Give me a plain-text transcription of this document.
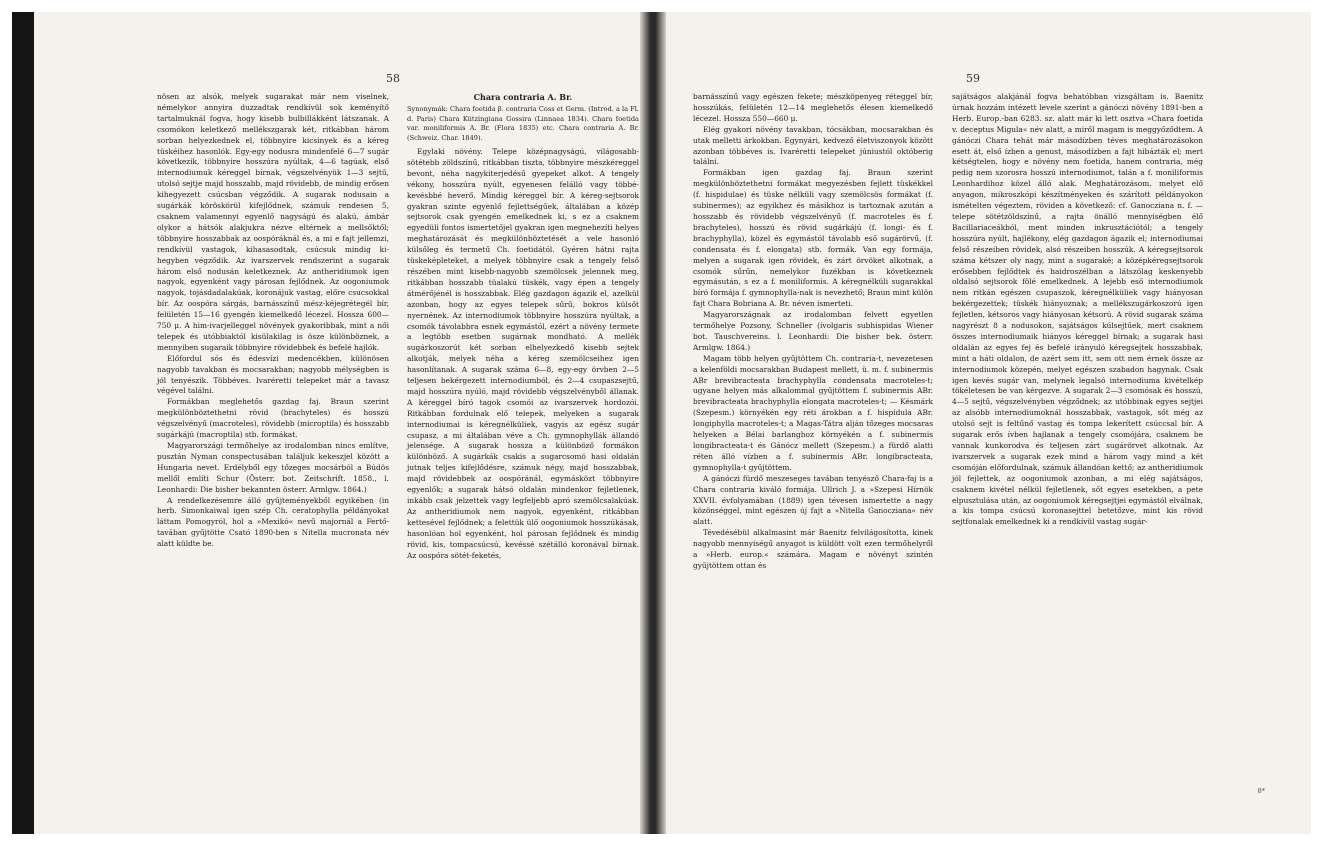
58

nösen az alsók, melyek sugarakat már nem viselnek, némelykor annyira duzzadtak rendkívül sok keményítő tartalmuknál fogva, hogy kisebb bulbillákként látszanak. A csomókon keletkező mellékszgarak két, ritkábban három sorban helyezkednek el, többnyire kicsinyek és a kéreg tüskéihez hasonlók. Egy-egy nodusra mindenfelé 6—7 sugár következik, többnyire hosszúra nyúltak, 4—6 tagúak, első internodiumuk kéreggel bírnak, végszelvényük 1—3 sejtű, utolsó sejtje majd hosszabb, majd rövidebb, de mindig erősen kihegyezett csúcsban végződik. A sugarak nodusain a sugárkák köröskörül kifejlődnek, számuk rendesen 5, csaknem valamennyi egyenlő nagyságú és alakú, ámbár olykor a hátsók alakjukra nézve eltérnek a mellsőktől; többnyire hosszabbak az oospóráknál és, a mi e fajt jellemzi, rendkívül vastagok, kihasasodtak, csúcsuk mindig ki- hegyben végződik. Az ivarszervek rendszerint a sugarak három első nodusán keletkeznek. Az antheridiumok igen nagyok, egyenként vagy párosan fejlődnek. Az oogoniumok nagyok, tojásdadalakúak, koronájuk vastag, előre csucsokkal bír. Az oospóra sárgás, barnásszínű mész-kéjegrétegél bír, felületén 15—16 gyengén kiemelkedő lécezel. Hossza 600—750 μ. A him-ivarjelleggel növények gyakoribbak, mint a női telepek és utóbbiaktól kisülakilag is ösze különböznek, a mennyiben sugaraik többnyire rövidebbek és befelé hajlók.

Előfordul sós és édesvízi medencékben, különösen nagyobb tavakban és mocsarakban; nagyobb mélységben is jól tenyészik. Többéves. Ivaréretti telepeket már a tavasz végével találni.

Formákban meglehetős gazdag faj. Braun szerint megkülönböztethetni rövid (brachyteles) és hosszú végszelvényű (macroteles), rövidebb (microptila) és hosszabb sugárkájú (macroptila) stb. formákat.

Magyarországi termőhelye az irodalomban nincs említve, pusztán Nyman conspectusában találjuk kekeszjel között a Hungaria nevet. Erdélyből egy tőzeges mocsárból a Búdös mellől említi Schur (Österr. bot. Zeitschrift. 1858., l. Leonhardi: Die bisher bekannten österr. Armlgw. 1864.)

A rendelkezésemre álló gyűjteményekből egyikében (in herb. Simonkaiwal igen szép Ch. ceratophylla példányokat láttam Pomogyról, hol a »Mexikó« nevű majornál a Fertő-tavában gyűjtötte Csató 1890-ben s Nitella mucronata név alatt küldte be.

Chara contraria A. Br.

Synonymák: Chara foetida β. contraria Coss et Germ. (Introd. a la Fl. d. Paris) Chara Kützingiana Gossira (Linnaea 1834). Chara foetida var. moniliformis A. Br. (Flora 1835) etc. Chara contraria A. Br. (Schweiz. Char. 1849).

Egylaki növény. Telepe középnagyságú, világosabb-sötétebb zöldszínű, ritkábban tiszta, többnyire mészkéreggel bevont, néha nagykiterjedésű gyepeket alkot. A tengely vékony, hosszúra nyúlt, egyenesen felálló vagy többé-kevésbbé heverő. Mindig kéreggel bír. A kéreg-sejtsorok gyakran szinte egyenlő fejlettségűek, általában a közép sejtsorok csak gyengén emelkednek ki, s ez a csaknem egyedüli fontos ismertetőjel gyakran igen megnehezíti helyes meghatározását és megkülönböztetését a vele hasonló külsőleg és termetű Ch. foetidától. Gyéren hátni rajta tüskeképleteket, a melyek többnyire csak a tengely felső részében mint kisebb-nagyobb szemölcsek jelennek meg, ritkábban hosszabb tüalakú tüskék, vagy épen a tengely átmérőjénél is hosszabbak. Elég gazdagon ágazik el, azelkül azonban, hogy az egyes telepek sűrű, bokros külsőt nyernének. Az internodiumok többnyire hosszúra nyúltak, a csomók távolabbra esnek egymástól, ezért a növény termete a legtöbb esetben sugárnak mondható. A mellék sugárkoszorút két sorban elhelyezkedő kisebb sejtek alkotják, melyek néha a kéreg szemölcseihez igen hasonlítanak. A sugarak száma 6—8, egy-egy örvben 2—5 teljesen bekérgezett internodiumból, és 2—4 csupaszsejtű, majd hosszúra nyúló, majd rövidebb végszelvényből állanak. A kéreggel bíró tagok csomói az ivarszervek hordozói. Ritkábban fordulnak elő telepek, melyeken a sugarak internodiumai is kéregnélküliek, vagyis az egész sugár csupasz, a mi általában véve a Ch. gymnophyllák állandó jelensége. A sugarak hossza a különböző formákon különböző. A sugárkák csakis a sugarcsomó hasi oldalán jutnak teljes kifejlődésre, számuk négy, majd hosszabbak, majd rövidebbek az oospóránál, egymásközt többnyire egyenlők; a sugarak hátsó oldalán mindenkor fejletlenek, inkább csak jelzettek vagy legfeljebb apró szemölcsalakúak. Az antheridiumok nem nagyok, egyenként, ritkábban kettesével fejlődnek; a felettük ülő oogoniumok hosszúkásak, hasonlóan hol egyenként, hol párosan fejlődnek és mindig rövid, kis, tompacsúcsú, kevéssé szétálló koronával bírnak. Az oospóra sötét-feketés,

59

barnásszínű vagy egészen fekete; mészköpenyeg réteggel bír, hosszúkás, felületén 12—14 meglehetős élesen kiemelkedő lécezel. Hossza 550—660 μ.

Elég gyakori növény tavakban, tócsákban, mocsarakban és utak melletti árkokban. Egynyári, kedvező életviszonyok között azonban többéves is. Ivaréretti telepeket júniustól októberig találni.

Formákban igen gazdag faj. Braun szerint megkülönböztethetni formákat megyezésben fejlett tüskékkel (f. hispidulae) és tüske nélküli vagy szemölcsös formákat (f. subinermes); az egyikhez és másikhoz is tartoznak azután a hosszabb és rövidebb végszelvényű (f. macroteles és f. brachyteles), hosszú és rövid sugárkájú (f. longi- és f. brachyphylla), közel és egymástól távolabb eső sugárörvű, (f. condensata és f. elongata) stb. formák. Van egy formája, melyen a sugarak igen rövidek, és zárt örvöket alkotnak, a csomók sűrűn, nemelykor fuzékban is következnek egymásután, s ez a f. moniliformis. A kéregnélküli sugarakkal bíró formája f. gymnophylla-nak is nevezhető; Braun mint külön fajt Chara Bobriana A. Br. néven ismerteti.

Magyarországnak az irodalomban felvett egyetlen termőhelye Pozsony, Schneller (ívolgaris subhispidas Wiener bot. Tauschvereins. l. Leonhardi: Die bisher bek. österr. Armlgw. 1864.)

Magam több helyen gyűjtöttem Ch. contraria-t, nevezetesen a kelenföldi mocsarakban Budapest mellett, ü. m. f. subinermis ABr brevibracteata brachyphylla condensata macroteles-t; ugyane helyen más alkalommal gyűjtöttem f. subinermis ABr. brevibracteata brachyphylla elongata macroteles-t; — Késmárk (Szepesm.) környékén egy réti árokban a f. hispidula ABr. longiphylla macroteles-t; a Magas-Tátra alján tőzeges mocsaras helyeken a Bélai barlanghoz környékén a f. subinermis longibracteata-t és Gánócz mellett (Szepesm.) a fürdő alatti réten álló vízben a f. subinermis ABr. longibracteata, gymnophylla-t gyűjtöttem.

A gánóczi fürdő meszeseges tavában tenyésző Chara-faj is a Chara contraria kiváló formája. Ullrich J. a »Szepesi Hírnök XXVII. évfolyamában (1889) igen tévesen ismertette a nagy közönséggel, mint egészen új fajt a »Nitella Ganocziana« név alatt.

Tévedésébül alkalmasint már Baenitz felvilágosította, kinek nagyobb mennyiségű anyagot is küldött volt ezen termőhelyről a »Herb. europ.« számára. Magam e növényt szintén gyűjtöttem ottan és

sajátságos alakjánál fogva behatóbban vizsgáltam is. Baenitz úrnak hozzám intézett levele szerint a gánóczi növény 1891-ben a Herb. Europ.-ban 6283. sz. alatt már ki lett osztva »Chara foetida v. deceptus Migula« név alatt, a miről magam is meggyőződtem. A gánóczi Chara tehát már másodízben téves meghatározásokon esett át, első ízben a genust, másodízben a fajt hibázták el; mert kétségtelen, hogy e növény nem foetida, hanem contraria, még pedig nem szorosra hosszú internodiumot, talán a f. moniliformis Leonhardihoz közel álló alak. Meghatározásom, melyet elő anyagon, mikroszkópi készítményeken és szárított példányokon ismételten végeztem, röviden a következő: cf. Ganocziana n. f. — telepe sötétzöldszínű, a rajta önálló mennyiségben élő Bacillariaceákból, ment minden inkrusztációtól; a tengely hosszúra nyúlt, hajlékony, elég gazdagon ágazik el; internodiumai felső részeiben rövidek, alsó részeiben hosszúk. A kéregsejtsorok száma kétszer oly nagy, mint a sugaraké; a középkéregsejtsorok erősebben fejlődtek és haidroszélban a látszólag keskenyebb oldalsó sejtsorok fölé emelkednek. A lejebb eső internodiumok nem ritkán egészen csupaszok, kéregnélküliek vagy hiányosan bekérgezettek; tüskék hiányoznak; a mellékszugárkoszorú igen fejletlen, kétsoros vagy hiányosan kétsorú. A rövid sugarak száma nagyrészt 8 a nodusokon, sajátságos kúlsejtűek, mert csaknem összes internodiumaik hiányos kéreggel bírnak; a sugarak hasi oldalán az egyes fej és befelé irányuló kéregsejtek hosszabbak, mint a háti oldalon, de azért sem itt, sem ott nem érnek össze az internodiumok közepén, melyet egészen szabadon hagynak. Csak igen kevés sugár van, melynek legalsó internodiuma kivételkép tökéletesen be van kérgezve. A sugarak 2—3 csomósak és hosszú, 4—5 sejtű, végszelvényben végződnek; az utóbbinak egyes sejtjei az alsóbb internodiumoknál hosszabbak, vastagok, sőt még az utolsó sejt is feltűnő vastag és tompa lekerített csúccsal bír. A sugarak erős ívben hajlanak a tengely csomójára, csaknem be vannak kunkorodva és teljesen zárt sugárörvet alkotnak. Az ivarszervek a sugarak ezek mind a három vagy mind a két csomóján előfordulnak, számuk állandóan kettő; az antheridiumok jól fejlettek, az oogoniumok azonban, a mi elég sajátságos, csaknem kivétel nélkül fejletlenek, sőt egyes esetekben, a pete elpusztulása után, az oogoniumok kéregsejtjei egymástól elválnak, a kis tompa csúcsú koronasejttel betetőzve, mint kis rövid sejtfonalak emelkednek ki a rendkívül vastag sugár-

8*
